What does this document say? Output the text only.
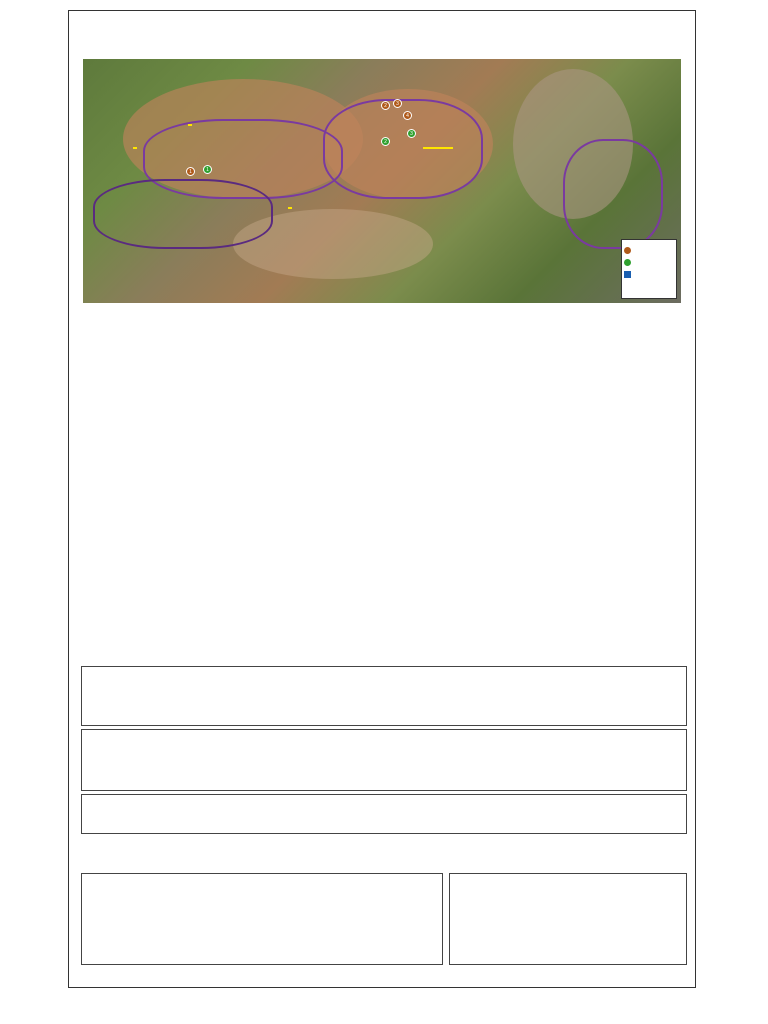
1	1
2	3
4
2
3
